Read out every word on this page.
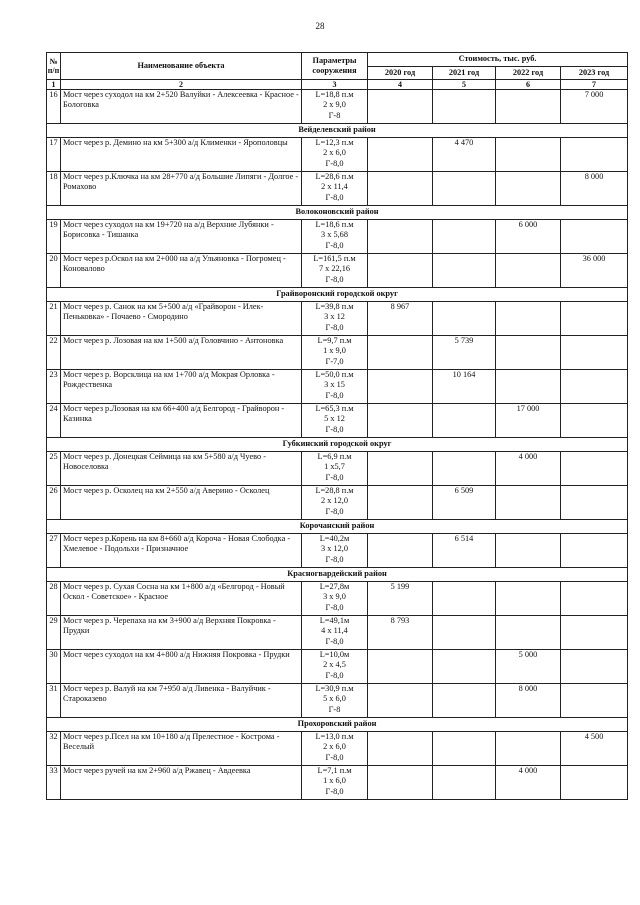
28
№
п/п	Наименование объекта	Параметры сооружения	Стоимость, тыс. руб.			
			2020 год	2021 год	2022 год	2023 год
1	2	3	4	5	6	7
16	Мост через суходол на км 2+520 Валуйки - Алексеевка - Красное - Бологовка	L=18,8 п.м
2 х 9,0
Г-8				7 000
Вейделевский район						
17	Мост через р. Демино на км 5+300 а/д Клименки - Ярополовцы	L=12,3 п.м
2 х 6,0
Г-8,0		4 470		
18	Мост через р.Ключка на км 28+770 а/д Большие Липяги - Долгое - Ромахово	L=28,6 п.м
2 х 11,4
Г-8,0				8 000
Волоконовский район						
19	Мост через суходол на км 19+720 на а/д Верхние Лубянки - Борисовка - Тишанка	L=18,6 п.м
3 х 5,68
Г-8,0			6 000	
20	Мост через р.Оскол на км 2+000 на а/д Ульяновка - Погромец - Коновалово	L=161,5 п.м
7 х 22,16
Г-8,0				36 000
Грайворонский городской округ						
21	Мост через р. Санок на км 5+500 а/д «Грайворон - Илек-Пеньковка» - Почаево - Смородино	L=39,8 п.м
3 х 12
Г-8,0	8 967			
22	Мост через р. Лозовая на км 1+500 а/д Головчино - Антоновка	L=9,7 п.м
1 х 9,0
Г-7,0		5 739		
23	Мост через р. Ворсклица на км 1+700 а/д Мокрая Орловка - Рождественка	L=50,0 п.м
3 х 15
Г-8,0		10 164		
24	Мост через р.Лозовая на км 66+400 а/д Белгород - Грайворон - Казинка	L=65,3 п.м
5 х 12
Г-8,0			17 000	
Губкинский городской округ						
25	Мост через р. Донецкая Сеймица на км 5+580 а/д Чуево - Новоселовка	L=6,9 п.м
1 х5,7
Г-8,0			4 000	
26	Мост через р. Осколец на км 2+550 а/д Аверино - Осколец	L=28,8 п.м
2 х 12,0
Г-8,0		6 509		
Корочанский район						
27	Мост через р.Корень на км 8+660 а/д Короча - Новая Слободка - Хмелевое - Подольхи - Призначное	L=40,2м
3 х 12,0
Г-8,0		6 514		
Красногвардейский район						
28	Мост через р. Сухая Сосна на км 1+800 а/д «Белгород - Новый Оскол - Советское» - Красное	L=27,8м
3 х 9,0
Г-8,0	5 199			
29	Мост через р. Черепаха на км 3+900 а/д Верхняя Покровка - Прудки	L=49,1м
4 х 11,4
Г-8,0	8 793			
30	Мост через суходол на км 4+800 а/д Нижняя Покровка - Прудки	L=10,0м
2 х 4,5
Г-8,0			5 000	
31	Мост через р. Валуй на км 7+950 а/д Ливенка - Валуйчик - Староказево	L=30,9 п.м
5 х 6,0
Г-8			8 000	
Прохоровский район						
32	Мост через р.Псел на км 10+180 а/д Прелестное - Кострома - Веселый	L=13,0 п.м
2 х 6,0
Г-8,0				4 500
33	Мост через ручей на км 2+960 а/д Ржавец - Авдеевка	L=7,1 п.м
1 х 6,0
Г-8,0			4 000	
